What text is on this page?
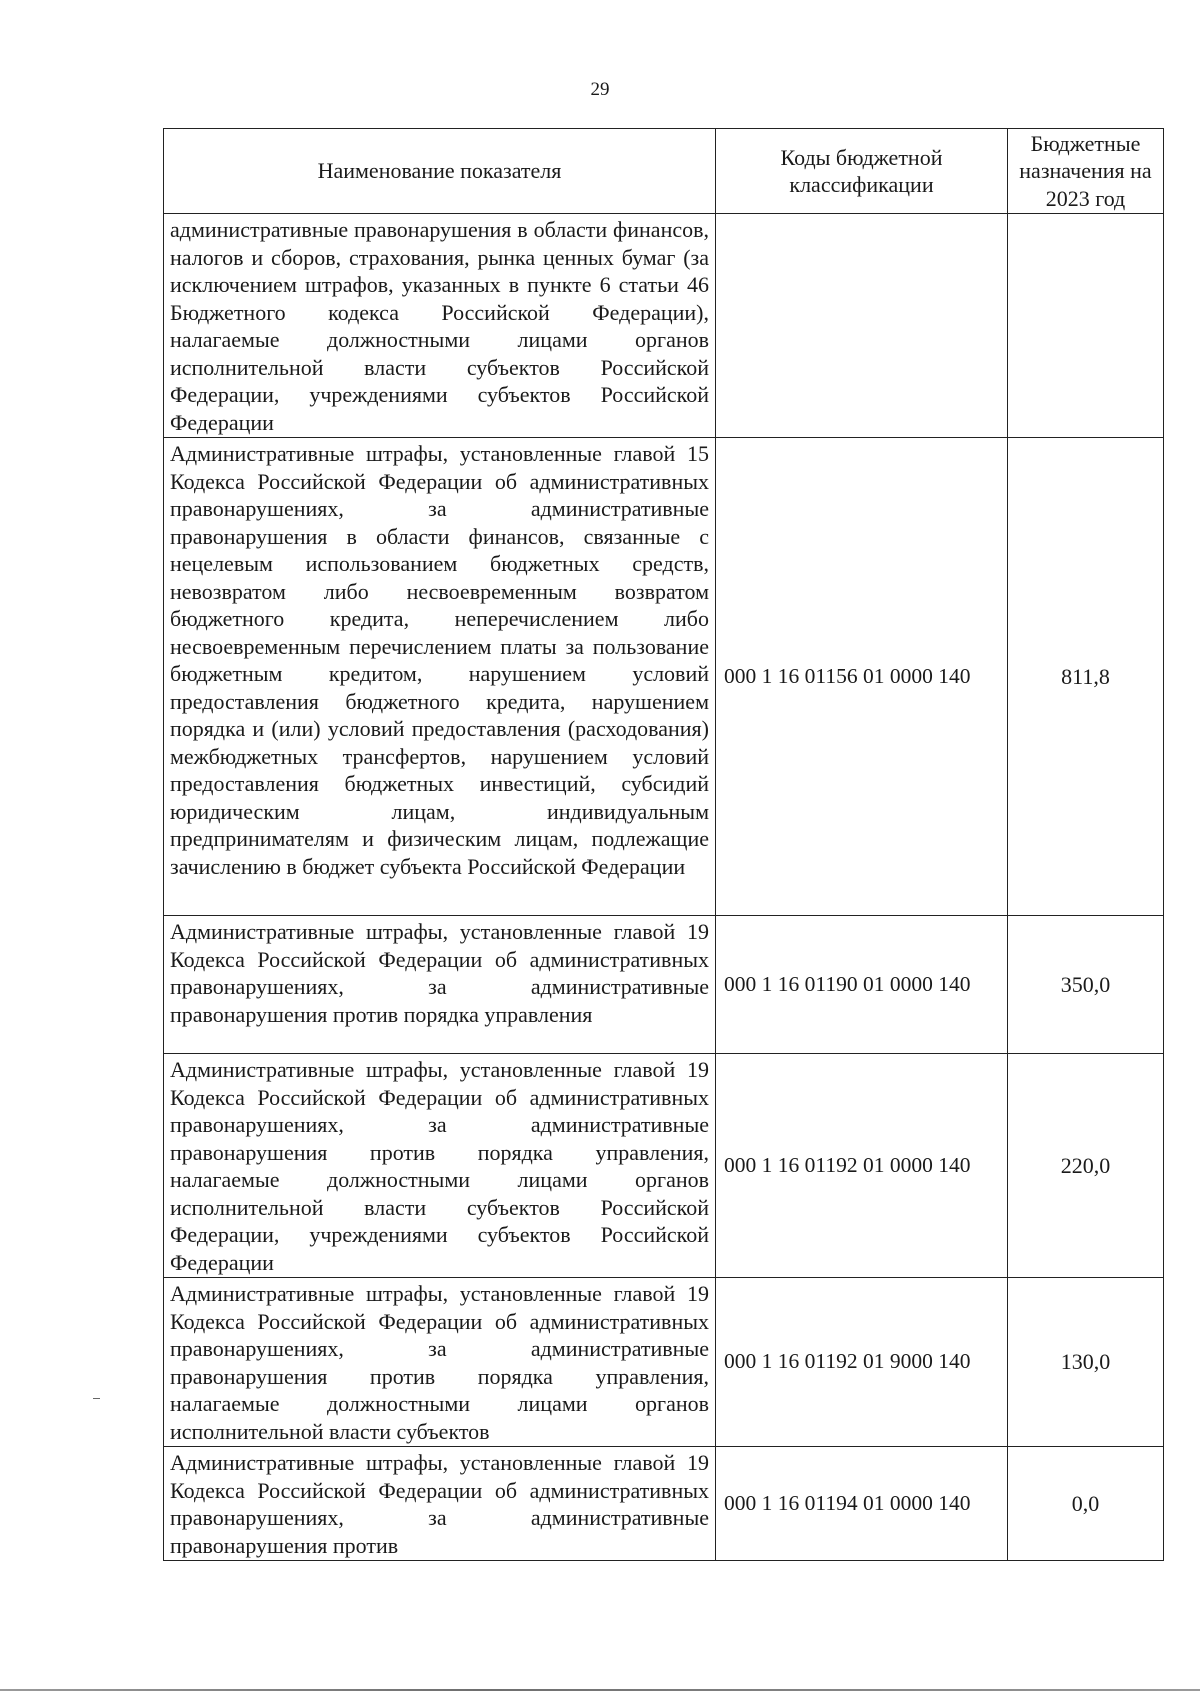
29
Наименование показателя	Коды бюджетной классификации	Бюджетные назначения на 2023 год
административные правонарушения в области финансов, налогов и сборов, страхования, рынка ценных бумаг (за исключением штрафов, указанных в пункте 6 статьи 46 Бюджетного кодекса Российской Федерации), налагаемые должностными лицами органов исполнительной власти субъектов Российской Федерации, учреждениями субъектов Российской Федерации		
Административные штрафы, установленные главой 15 Кодекса Российской Федерации об административных правонарушениях, за административные правонарушения в области финансов, связанные с нецелевым использованием бюджетных средств, невозвратом либо несвоевременным возвратом бюджетного кредита, неперечислением либо несвоевременным перечислением платы за пользование бюджетным кредитом, нарушением условий предоставления бюджетного кредита, нарушением порядка и (или) условий предоставления (расходования) межбюджетных трансфертов, нарушением условий предоставления бюджетных инвестиций, субсидий юридическим лицам, индивидуальным предпринимателям и физическим лицам, подлежащие зачислению в бюджет субъекта Российской Федерации	000 1 16 01156 01 0000 140	811,8
Административные штрафы, установленные главой 19 Кодекса Российской Федерации об административных правонарушениях, за административные правонарушения против порядка управления	000 1 16 01190 01 0000 140	350,0
Административные штрафы, установленные главой 19 Кодекса Российской Федерации об административных правонарушениях, за административные правонарушения против порядка управления, налагаемые должностными лицами органов исполнительной власти субъектов Российской Федерации, учреждениями субъектов Российской Федерации	000 1 16 01192 01 0000 140	220,0
Административные штрафы, установленные главой 19 Кодекса Российской Федерации об административных правонарушениях, за административные правонарушения против порядка управления, налагаемые должностными лицами органов исполнительной власти субъектов	000 1 16 01192 01 9000 140	130,0
Административные штрафы, установленные главой 19 Кодекса Российской Федерации об административных правонарушениях, за административные правонарушения против	000 1 16 01194 01 0000 140	0,0
